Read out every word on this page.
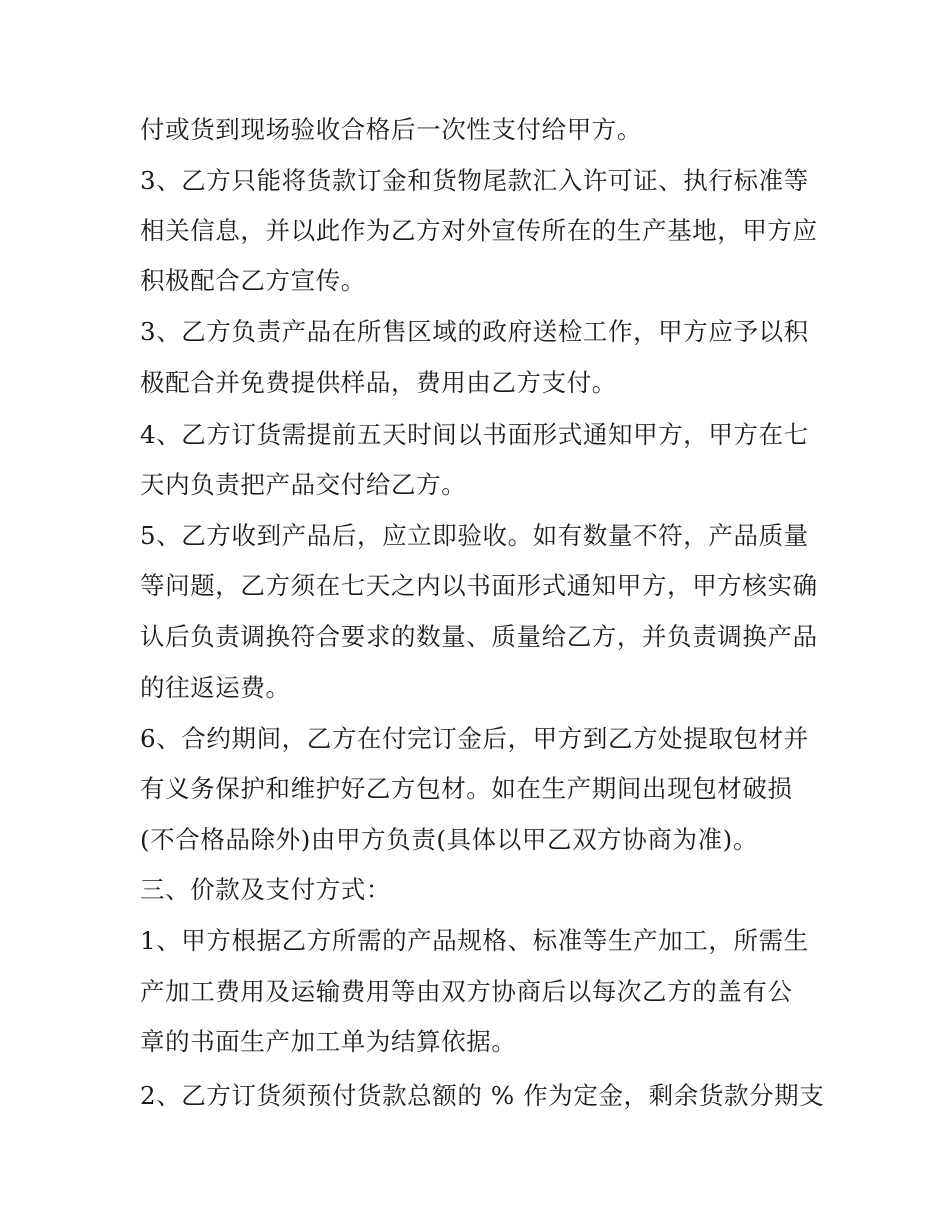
付或货到现场验收合格后一次性支付给甲方。
3、乙方只能将货款订金和货物尾款汇入许可证、执行标准等
相关信息，并以此作为乙方对外宣传所在的生产基地，甲方应
积极配合乙方宣传。
3、乙方负责产品在所售区域的政府送检工作，甲方应予以积
极配合并免费提供样品，费用由乙方支付。
4、乙方订货需提前五天时间以书面形式通知甲方，甲方在七
天内负责把产品交付给乙方。
5、乙方收到产品后，应立即验收。如有数量不符，产品质量
等问题，乙方须在七天之内以书面形式通知甲方，甲方核实确
认后负责调换符合要求的数量、质量给乙方，并负责调换产品
的往返运费。
6、合约期间，乙方在付完订金后，甲方到乙方处提取包材并
有义务保护和维护好乙方包材。如在生产期间出现包材破损
(不合格品除外)由甲方负责(具体以甲乙双方协商为准)。
三、价款及支付方式：
1、甲方根据乙方所需的产品规格、标准等生产加工，所需生
产加工费用及运输费用等由双方协商后以每次乙方的盖有公
章的书面生产加工单为结算依据。
2、乙方订货须预付货款总额的 % 作为定金，剩余货款分期支
